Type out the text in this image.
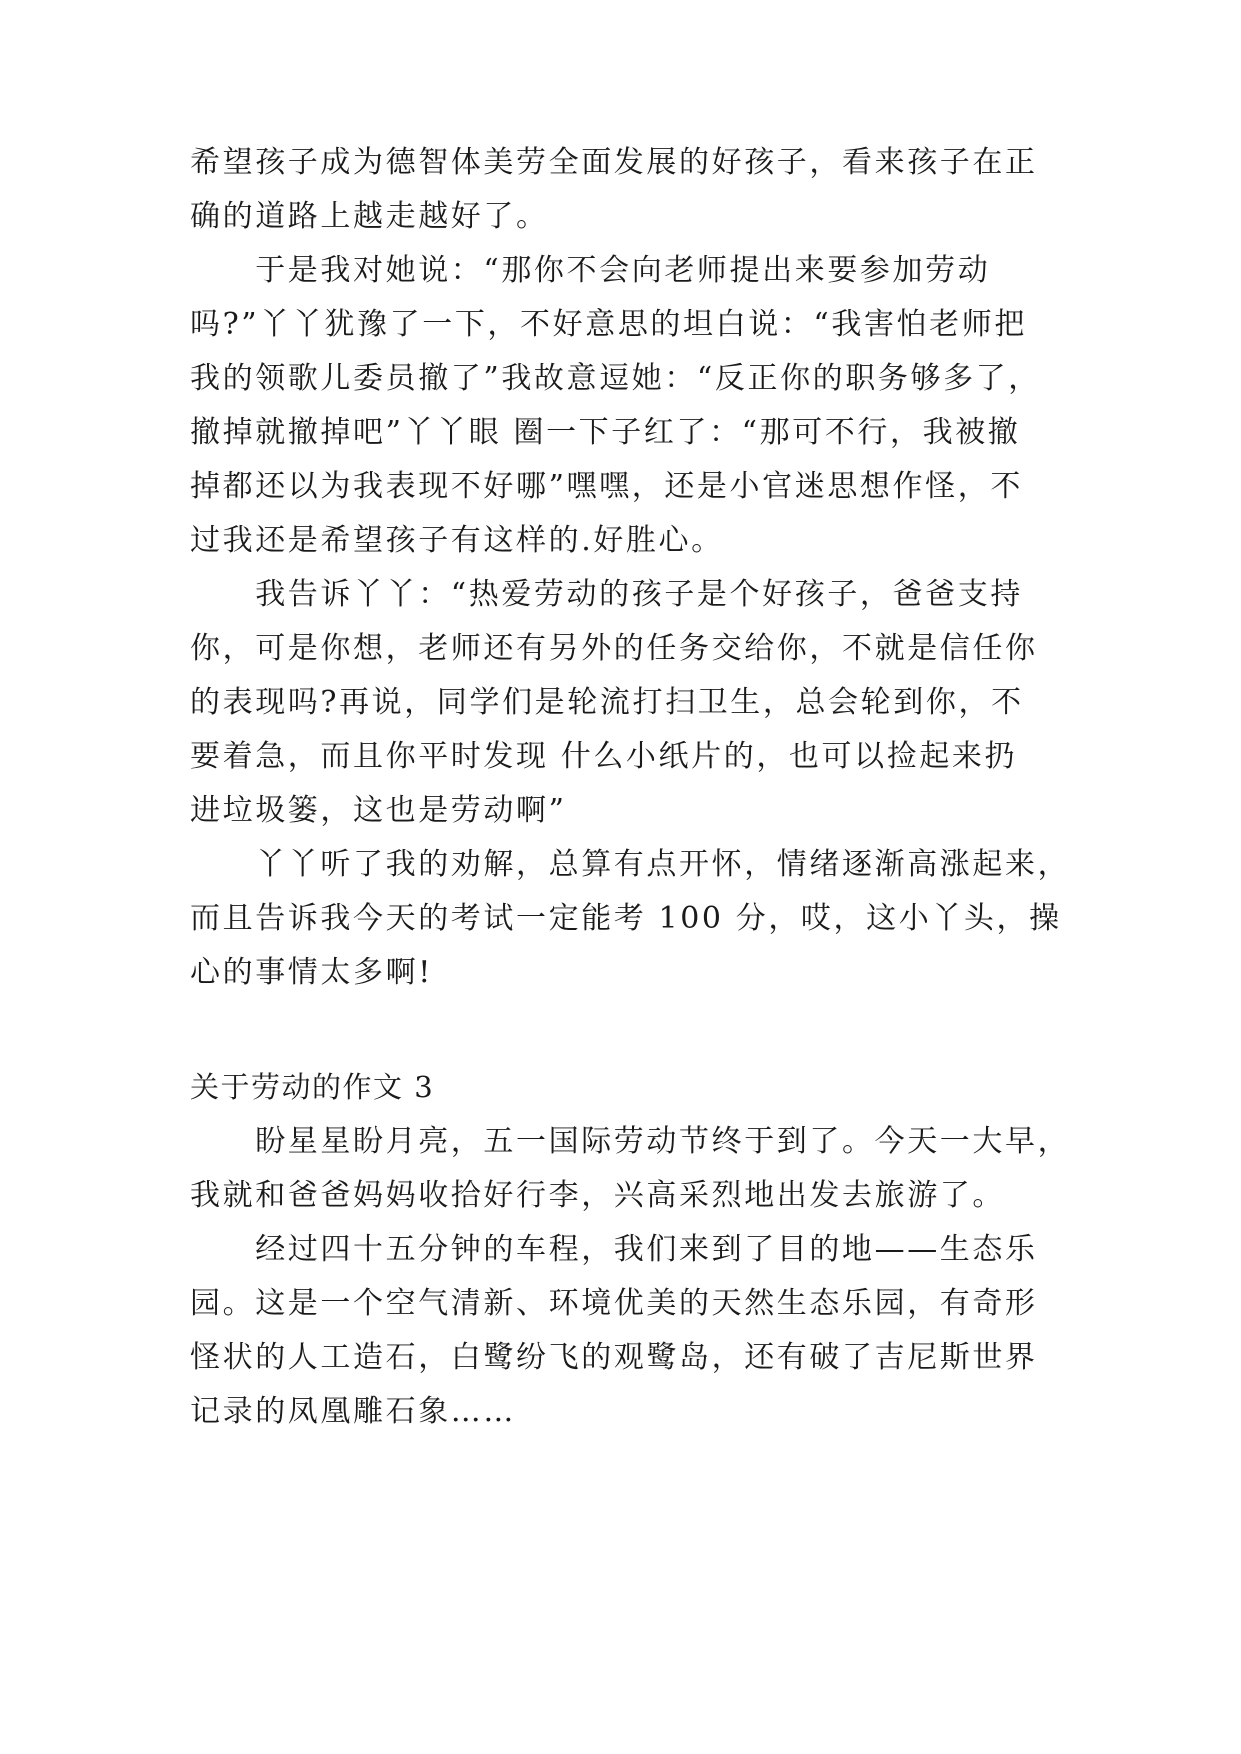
希望孩子成为德智体美劳全面发展的好孩子，看来孩子在正
确的道路上越走越好了。
　　于是我对她说：“那你不会向老师提出来要参加劳动
吗?”丫丫犹豫了一下，不好意思的坦白说：“我害怕老师把
我的领歌儿委员撤了”我故意逗她：“反正你的职务够多了，
撤掉就撤掉吧”丫丫眼 圈一下子红了：“那可不行，我被撤
掉都还以为我表现不好哪”嘿嘿，还是小官迷思想作怪，不
过我还是希望孩子有这样的.好胜心。
　　我告诉丫丫：“热爱劳动的孩子是个好孩子，爸爸支持
你，可是你想，老师还有另外的任务交给你，不就是信任你
的表现吗?再说，同学们是轮流打扫卫生，总会轮到你，不
要着急，而且你平时发现 什么小纸片的，也可以捡起来扔
进垃圾篓，这也是劳动啊”
　　丫丫听了我的劝解，总算有点开怀，情绪逐渐高涨起来，
而且告诉我今天的考试一定能考 100 分，哎，这小丫头，操
心的事情太多啊!
关于劳动的作文 3
　　盼星星盼月亮，五一国际劳动节终于到了。今天一大早，
我就和爸爸妈妈收拾好行李，兴高采烈地出发去旅游了。
　　经过四十五分钟的车程，我们来到了目的地——生态乐
园。这是一个空气清新、环境优美的天然生态乐园，有奇形
怪状的人工造石，白鹭纷飞的观鹭岛，还有破了吉尼斯世界
记录的凤凰雕石象……
